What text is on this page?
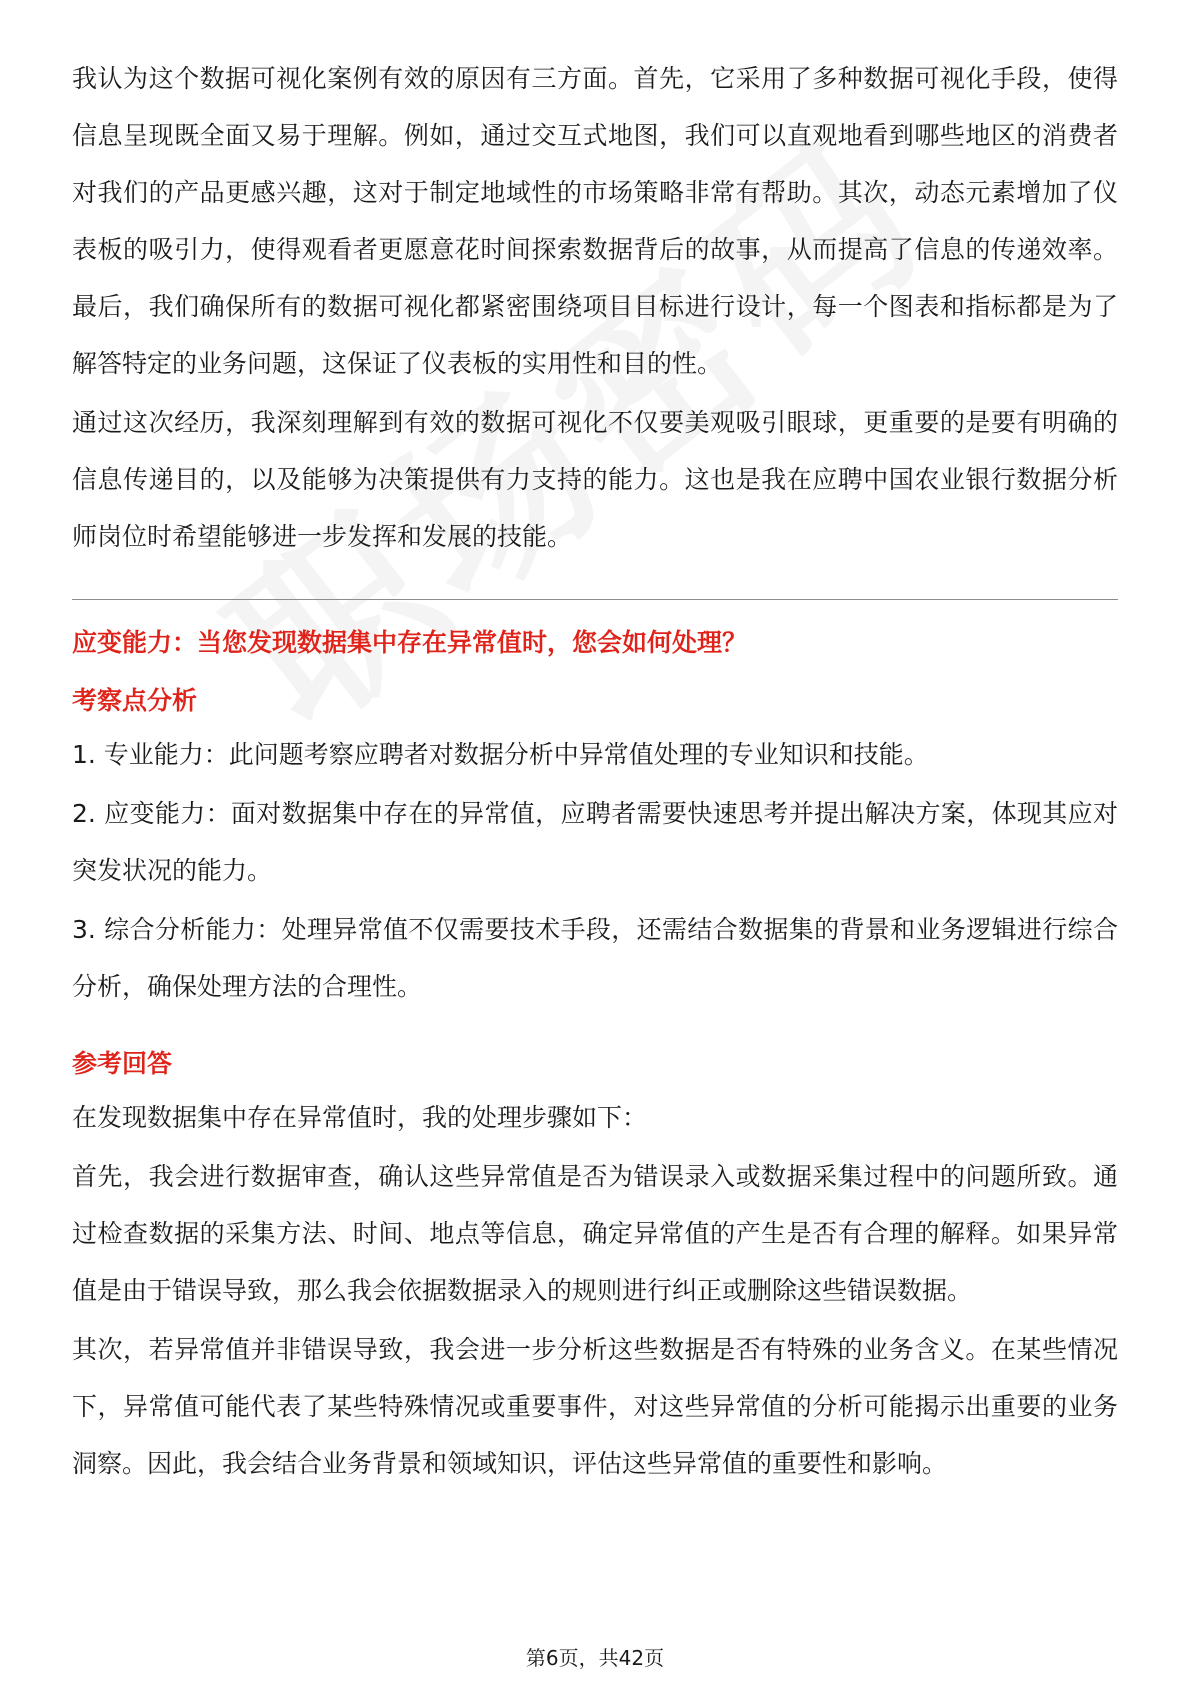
我认为这个数据可视化案例有效的原因有三方面。首先，它采用了多种数据可视化手段，使得信息呈现既全面又易于理解。例如，通过交互式地图，我们可以直观地看到哪些地区的消费者对我们的产品更感兴趣，这对于制定地域性的市场策略非常有帮助。其次，动态元素增加了仪表板的吸引力，使得观看者更愿意花时间探索数据背后的故事，从而提高了信息的传递效率。最后，我们确保所有的数据可视化都紧密围绕项目目标进行设计，每一个图表和指标都是为了解答特定的业务问题，这保证了仪表板的实用性和目的性。

通过这次经历，我深刻理解到有效的数据可视化不仅要美观吸引眼球，更重要的是要有明确的信息传递目的，以及能够为决策提供有力支持的能力。这也是我在应聘中国农业银行数据分析师岗位时希望能够进一步发挥和发展的技能。

应变能力：当您发现数据集中存在异常值时，您会如何处理？
考察点分析

1. 专业能力：此问题考察应聘者对数据分析中异常值处理的专业知识和技能。

2. 应变能力：面对数据集中存在的异常值，应聘者需要快速思考并提出解决方案，体现其应对突发状况的能力。

3. 综合分析能力：处理异常值不仅需要技术手段，还需结合数据集的背景和业务逻辑进行综合分析，确保处理方法的合理性。

参考回答

在发现数据集中存在异常值时，我的处理步骤如下：

首先，我会进行数据审查，确认这些异常值是否为错误录入或数据采集过程中的问题所致。通过检查数据的采集方法、时间、地点等信息，确定异常值的产生是否有合理的解释。如果异常值是由于错误导致，那么我会依据数据录入的规则进行纠正或删除这些错误数据。

其次，若异常值并非错误导致，我会进一步分析这些数据是否有特殊的业务含义。在某些情况下，异常值可能代表了某些特殊情况或重要事件，对这些异常值的分析可能揭示出重要的业务洞察。因此，我会结合业务背景和领域知识，评估这些异常值的重要性和影响。

第6页，共42页
